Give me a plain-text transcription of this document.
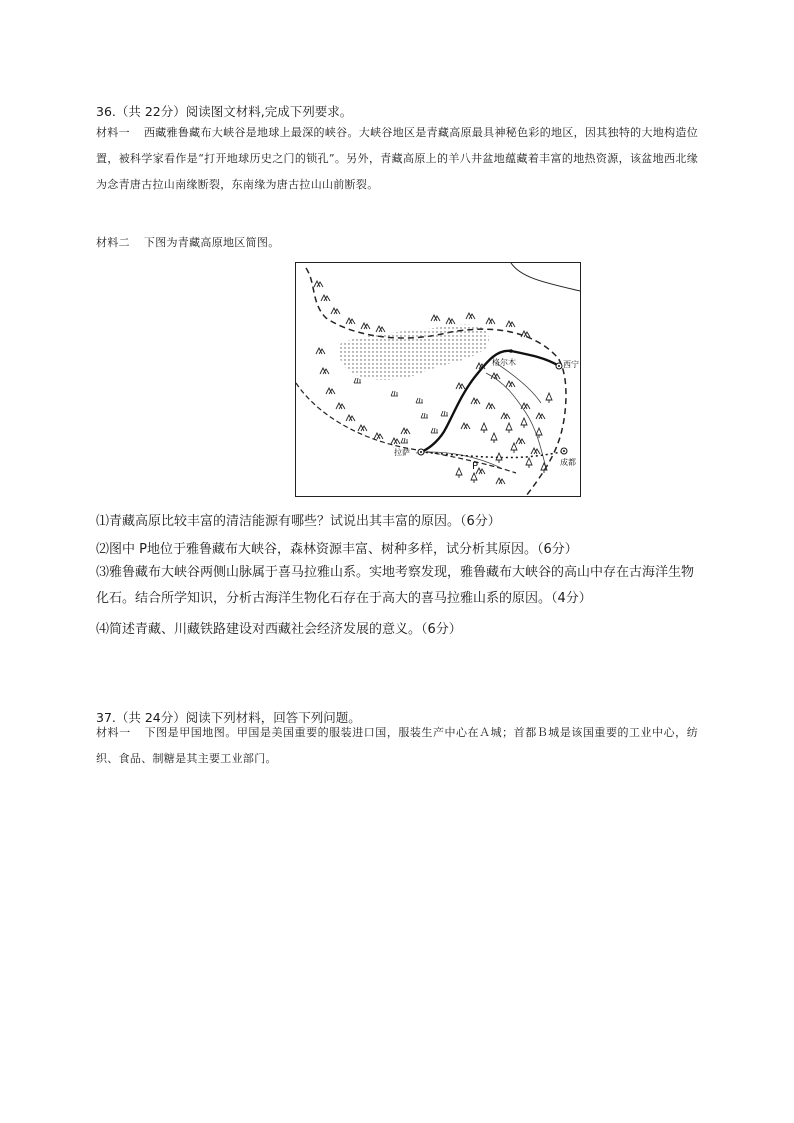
36.（共 22分）阅读图文材料,完成下列要求。
材料一 西藏雅鲁藏布大峡谷是地球上最深的峡谷。大峡谷地区是青藏高原最具神秘色彩的地区，因其独特的大地构造位置，被科学家看作是“打开地球历史之门的锁孔”。另外，青藏高原上的羊八井盆地蕴藏着丰富的地热资源，该盆地西北缘为念青唐古拉山南缘断裂，东南缘为唐古拉山山前断裂。
材料二 下图为青藏高原地区简图。
格尔木	西宁
拉萨
成都
P
⑴青藏高原比较丰富的清洁能源有哪些？试说出其丰富的原因。（6分）
⑵图中 P地位于雅鲁藏布大峡谷，森林资源丰富、树种多样，试分析其原因。（6分）
⑶雅鲁藏布大峡谷两侧山脉属于喜马拉雅山系。实地考察发现，雅鲁藏布大峡谷的高山中存在古海洋生物化石。结合所学知识，分析古海洋生物化石存在于高大的喜马拉雅山系的原因。（4分）
⑷简述青藏、川藏铁路建设对西藏社会经济发展的意义。（6分）
37.（共 24分）阅读下列材料，回答下列问题。
材料一 下图是甲国地图。甲国是美国重要的服装进口国，服装生产中心在Ａ城；首都Ｂ城是该国重要的工业中心，纺织、食品、制糖是其主要工业部门。
